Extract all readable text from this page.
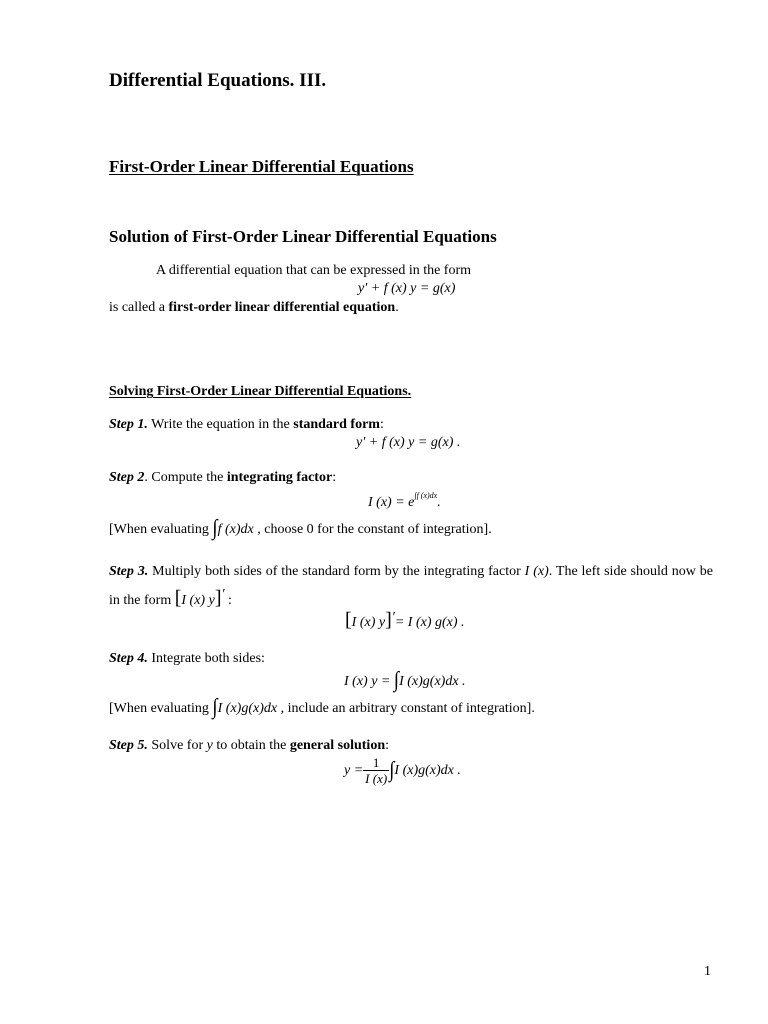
Differential Equations. III.
First-Order Linear Differential Equations
Solution of First-Order Linear Differential Equations
A differential equation that can be expressed in the form
y′ + f (x) y = g(x)
is called a first-order linear differential equation.
Solving First-Order Linear Differential Equations.
Step 1. Write the equation in the standard form:
y′ + f (x) y = g(x) .
Step 2. Compute the integrating factor:
I $(x) = e^{\int f (x)dx}$.
[When evaluating ∫f (x)dx , choose 0 for the constant of integration].
Step 3. Multiply both sides of the standard form by the integrating factor I (x). The left side should now be in the form [I (x) y]′ :
[I (x) y]′= I (x) g(x) .
Step 4. Integrate both sides:
I (x) y = ∫I (x)g(x)dx .
[When evaluating ∫I (x)g(x)dx , include an arbitrary constant of integration].
Step 5. Solve for y to obtain the general solution:
$y = \frac{1}{I (x)}$ ∫ I (x)g(x)dx .
1
